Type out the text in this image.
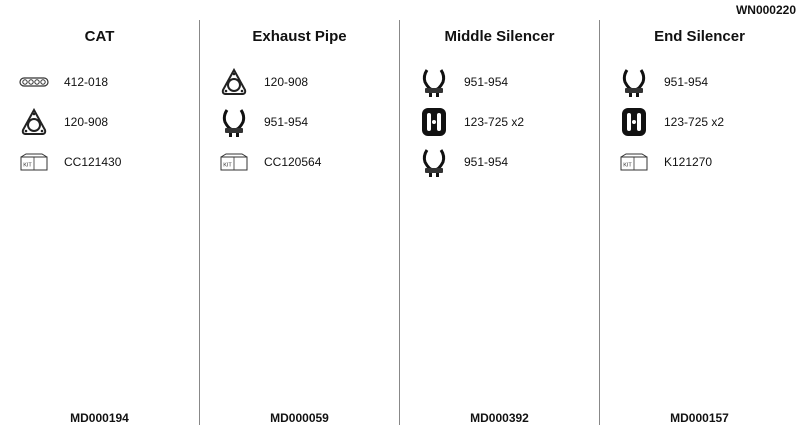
WN000220
CAT
412-018
120-908
KIT	CC121430
MD000194
Exhaust Pipe
120-908
951-954
KIT	CC120564
MD000059
Middle Silencer
951-954
123-725 x2
951-954
MD000392
End Silencer
951-954
123-725 x2
KIT	K121270
MD000157
